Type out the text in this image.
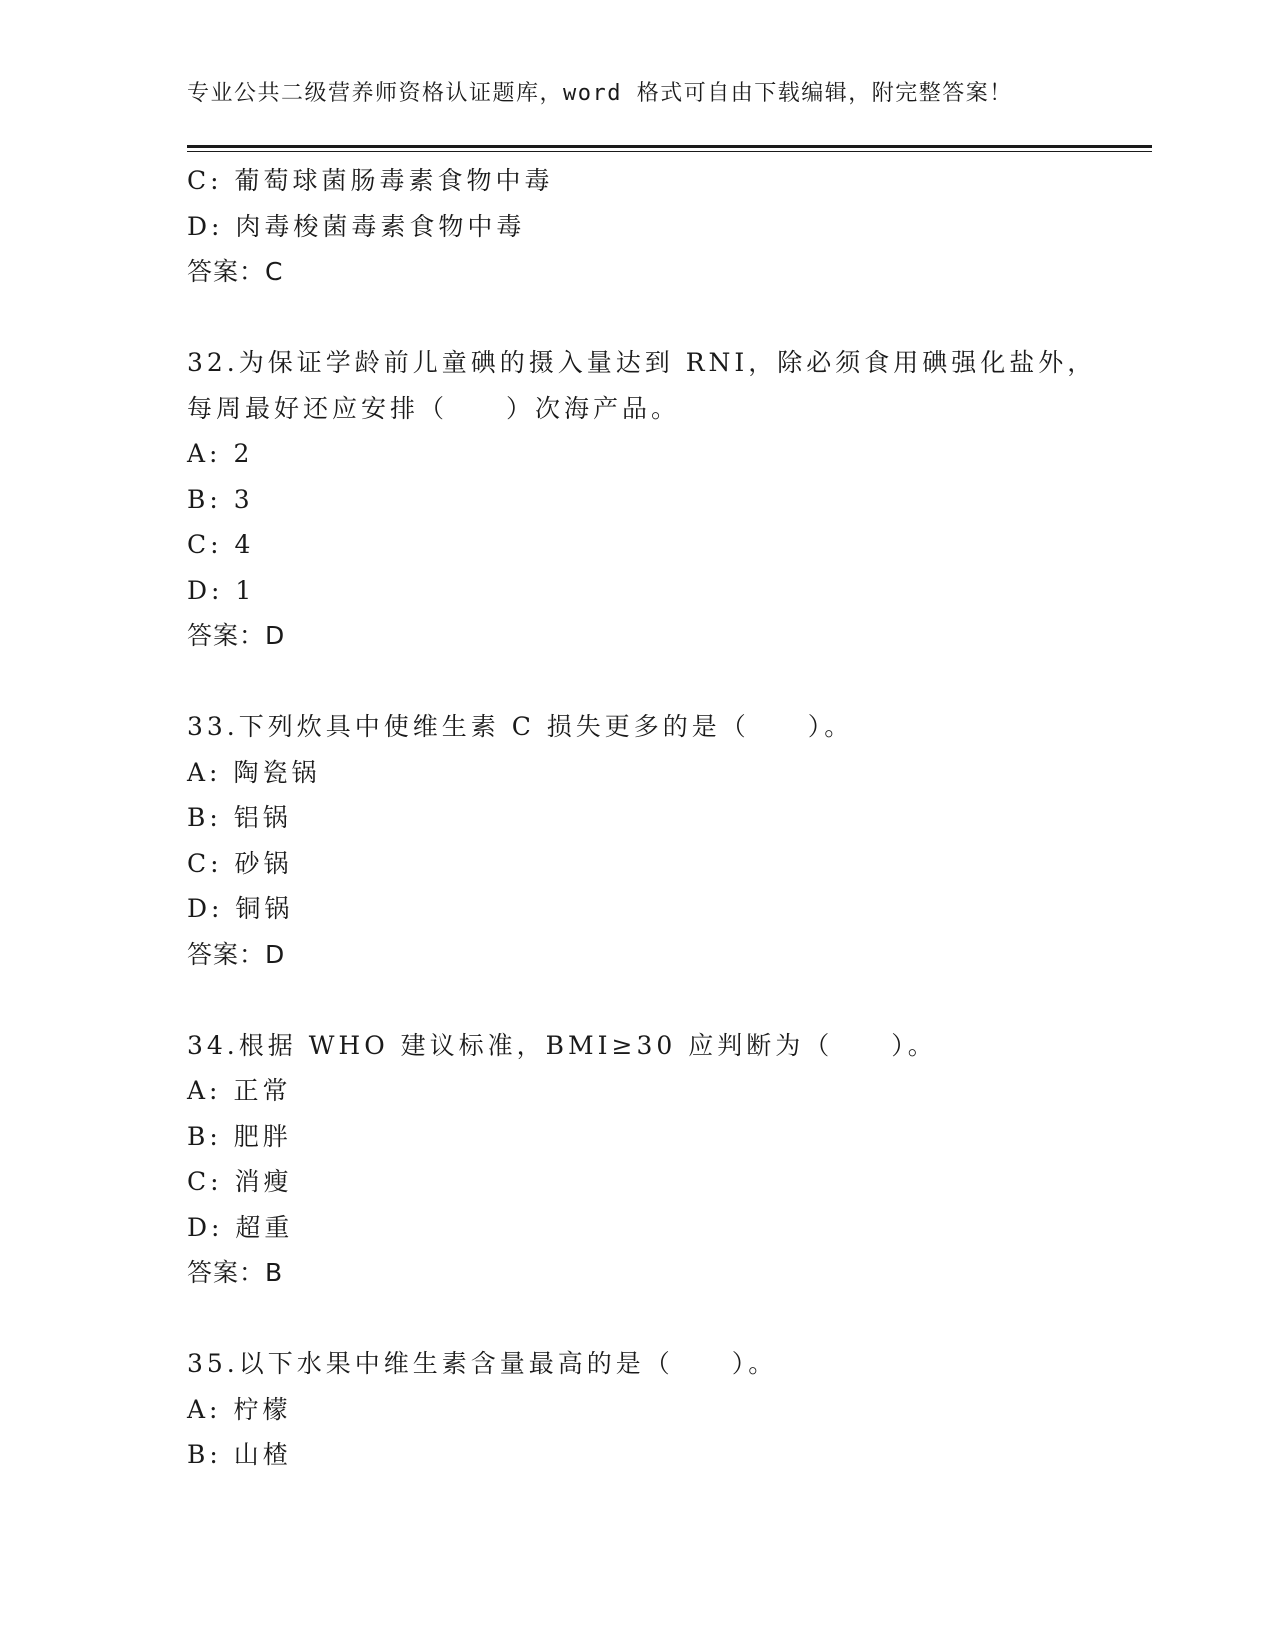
专业公共二级营养师资格认证题库，word 格式可自由下载编辑，附完整答案！
C: 葡萄球菌肠毒素食物中毒
D: 肉毒梭菌毒素食物中毒
答案：C
32.为保证学龄前儿童碘的摄入量达到 RNI，除必须食用碘强化盐外，
每周最好还应安排（　　）次海产品。
A: 2
B: 3
C: 4
D: 1
答案：D
33.下列炊具中使维生素 C 损失更多的是（　　）。
A: 陶瓷锅
B: 铝锅
C: 砂锅
D: 铜锅
答案：D
34.根据 WHO 建议标准，BMI≥30 应判断为（　　）。
A: 正常
B: 肥胖
C: 消瘦
D: 超重
答案：B
35.以下水果中维生素含量最高的是（　　）。
A: 柠檬
B: 山楂
